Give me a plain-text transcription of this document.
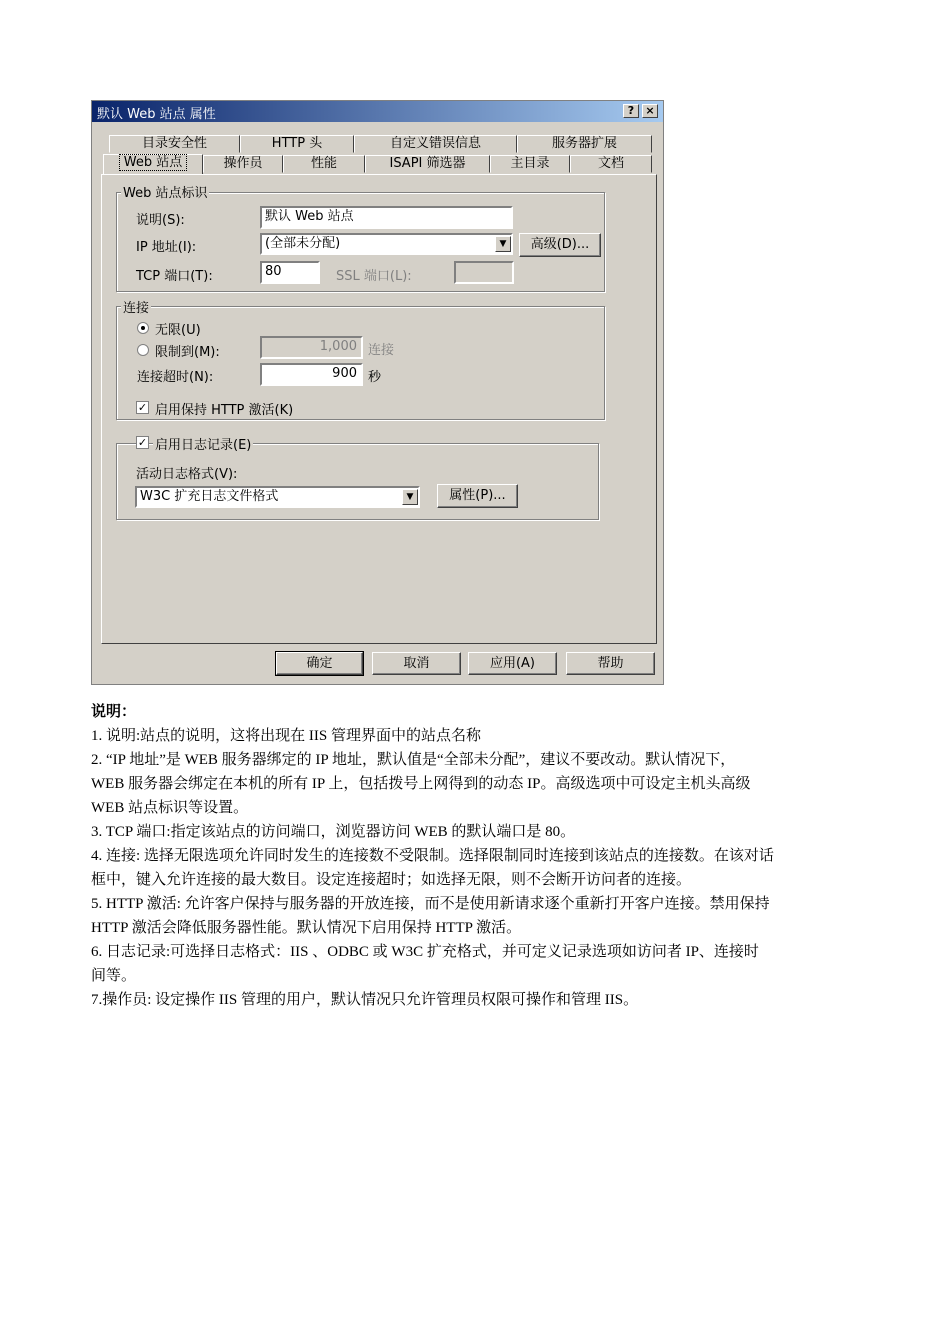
默认 Web 站点 属性	?	×
目录安全性	HTTP 头	自定义错误信息	服务器扩展
Web 站点	操作员	性能	ISAPI 筛选器	主目录	文档
Web 站点标识
说明(S):	默认 Web 站点
IP 地址(I):	(全部未分配)	▼	高级(D)...
TCP 端口(T):	80	SSL 端口(L):
连接
无限(U)
限制到(M):	1,000 连接
连接超时(N):	900 秒
✓ 启用保持 HTTP 激活(K)
✓ 启用日志记录(E)
活动日志格式(V):
W3C 扩充日志文件格式	▼	属性(P)...
确定	取消	应用(A)	帮助

说明：

1. 说明:站点的说明，这将出现在 IIS 管理界面中的站点名称

2. “IP 地址”是 WEB 服务器绑定的 IP 地址，默认值是“全部未分配”，建议不要改动。默认情况下，

WEB 服务器会绑定在本机的所有 IP 上，包括拨号上网得到的动态 IP。高级选项中可设定主机头高级

WEB 站点标识等设置。

3. TCP 端口:指定该站点的访问端口，浏览器访问 WEB 的默认端口是 80。

4. 连接: 选择无限选项允许同时发生的连接数不受限制。选择限制同时连接到该站点的连接数。在该对话

框中，键入允许连接的最大数目。设定连接超时；如选择无限，则不会断开访问者的连接。

5. HTTP 激活: 允许客户保持与服务器的开放连接，而不是使用新请求逐个重新打开客户连接。禁用保持

HTTP 激活会降低服务器性能。默认情况下启用保持 HTTP 激活。

6. 日志记录:可选择日志格式：IIS 、ODBC 或 W3C 扩充格式，并可定义记录选项如访问者 IP、连接时

间等。

7.操作员: 设定操作 IIS 管理的用户，默认情况只允许管理员权限可操作和管理 IIS。
